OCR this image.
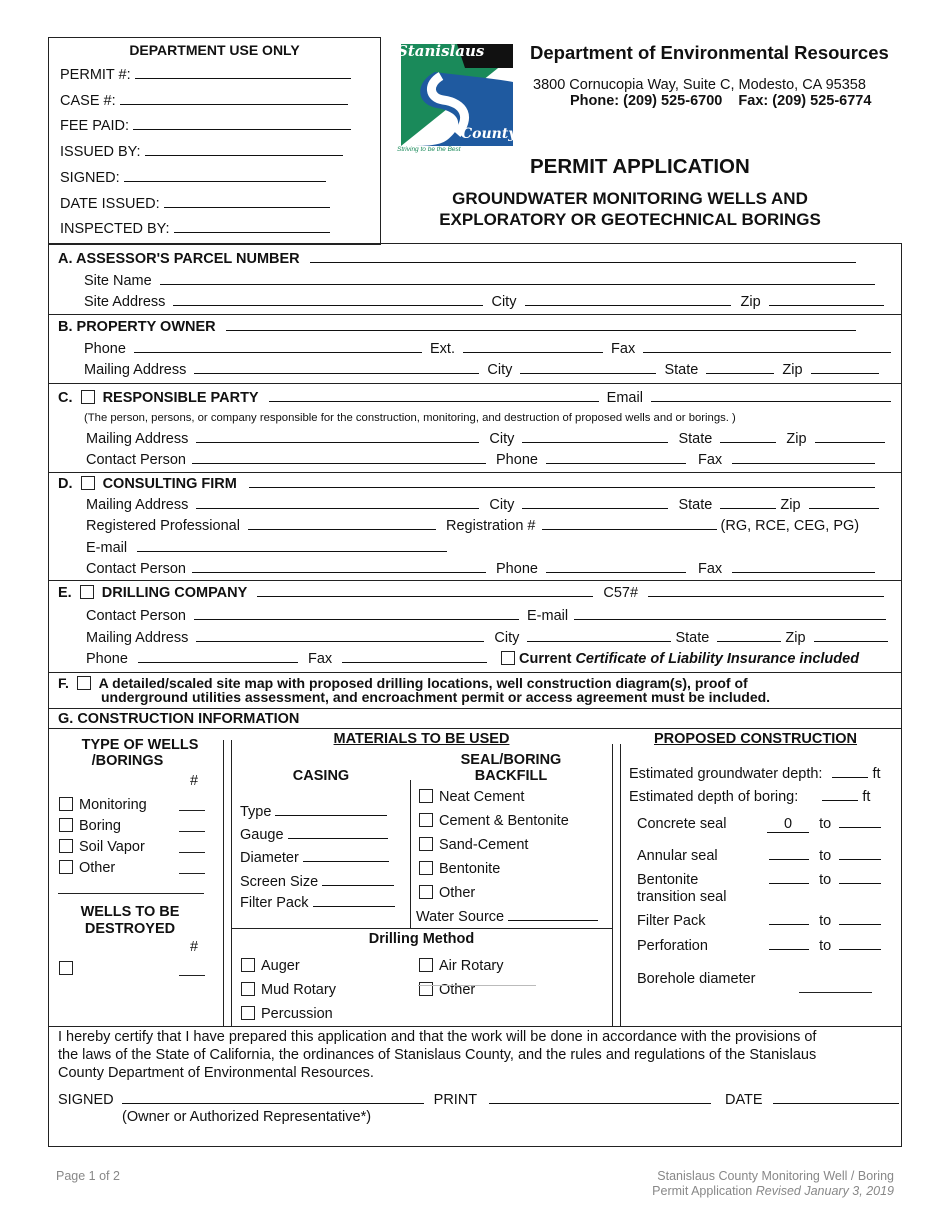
DEPARTMENT USE ONLY
PERMIT #:
CASE #:
FEE PAID:
ISSUED BY:
SIGNED:
DATE ISSUED:
INSPECTED BY:
Stanislaus
County
Striving to be the Best
Department of Environmental Resources
3800 Cornucopia Way, Suite C, Modesto, CA 95358
Phone: (209) 525-6700    Fax: (209) 525-6774
PERMIT APPLICATION
GROUNDWATER MONITORING WELLS AND
EXPLORATORY OR GEOTECHNICAL BORINGS
A. ASSESSOR'S PARCEL NUMBER
Site Name
Site Address	City	Zip
B. PROPERTY OWNER
Phone	Ext.	Fax
Mailing Address	City	State	Zip
C. RESPONSIBLE PARTY	Email
(The person, persons, or company responsible for the construction, monitoring, and destruction of proposed wells and or borings. )
Mailing Address	City	State	Zip
Contact Person	Phone	Fax
D. CONSULTING FIRM
Mailing Address	City	State	Zip
Registered Professional	Registration #	(RG, RCE, CEG, PG)
E-mail
Contact Person	Phone	Fax
E. DRILLING COMPANY	C57#
Contact Person	E-mail
Mailing Address	City	State	Zip
Phone	Fax	Current Certificate of Liability Insurance included
F. A detailed/scaled site map with proposed drilling locations, well construction diagram(s), proof of
underground utilities assessment, and encroachment permit or access agreement must be included.
G. CONSTRUCTION INFORMATION
TYPE OF WELLS
/BORINGS
#
Monitoring
Boring
Soil Vapor
Other
WELLS TO BE
DESTROYED
#
MATERIALS TO BE USED
CASING
Type
Gauge
Diameter
Screen Size
Filter Pack
SEAL/BORING
BACKFILL
Neat Cement
Cement & Bentonite
Sand-Cement
Bentonite
Other
Water Source
Drilling Method
Auger	Air Rotary
Mud Rotary	Other
Percussion
PROPOSED CONSTRUCTION
Estimated groundwater depth:	ft
Estimated depth of boring:	ft
Concrete seal	0 to
Annular seal	to
Bentonite	to
transition seal
Filter Pack	to
Perforation	to
Borehole diameter
I hereby certify that I have prepared this application and that the work will be done in accordance with the provisions of
the laws of the State of California, the ordinances of Stanislaus County, and the rules and regulations of the Stanislaus
County Department of Environmental Resources.
SIGNED	PRINT	DATE
(Owner or Authorized Representative*)
Page 1 of 2	Stanislaus County Monitoring Well / Boring
Permit Application Revised January 3, 2019
